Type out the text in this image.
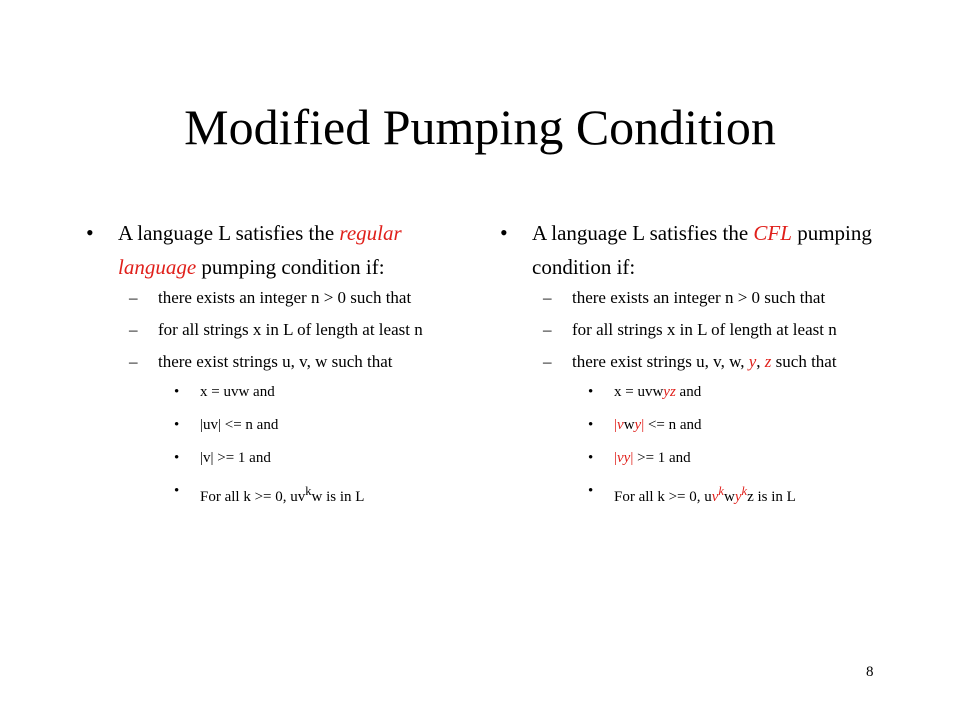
Modified Pumping Condition
•	A language L satisfies the regular language pumping condition if:
–	there exists an integer n > 0 such that
–	for all strings x in L of length at least n
–	there exist strings u, v, w such that
•	x = uvw and
•	|uv| <= n and
•	|v| >= 1 and
•	For all k >= 0, $uv^kw$ is in L
•	A language L satisfies the CFL pumping condition if:
–	there exists an integer n > 0 such that
–	for all strings x in L of length at least n
–	there exist strings u, v, w, y, z such that
•	x = uvwyz and
•	|vwy| <= n and
•	|vy| >= 1 and
•	For all k >= 0, $uv^kwy^kz$ is in L
8
